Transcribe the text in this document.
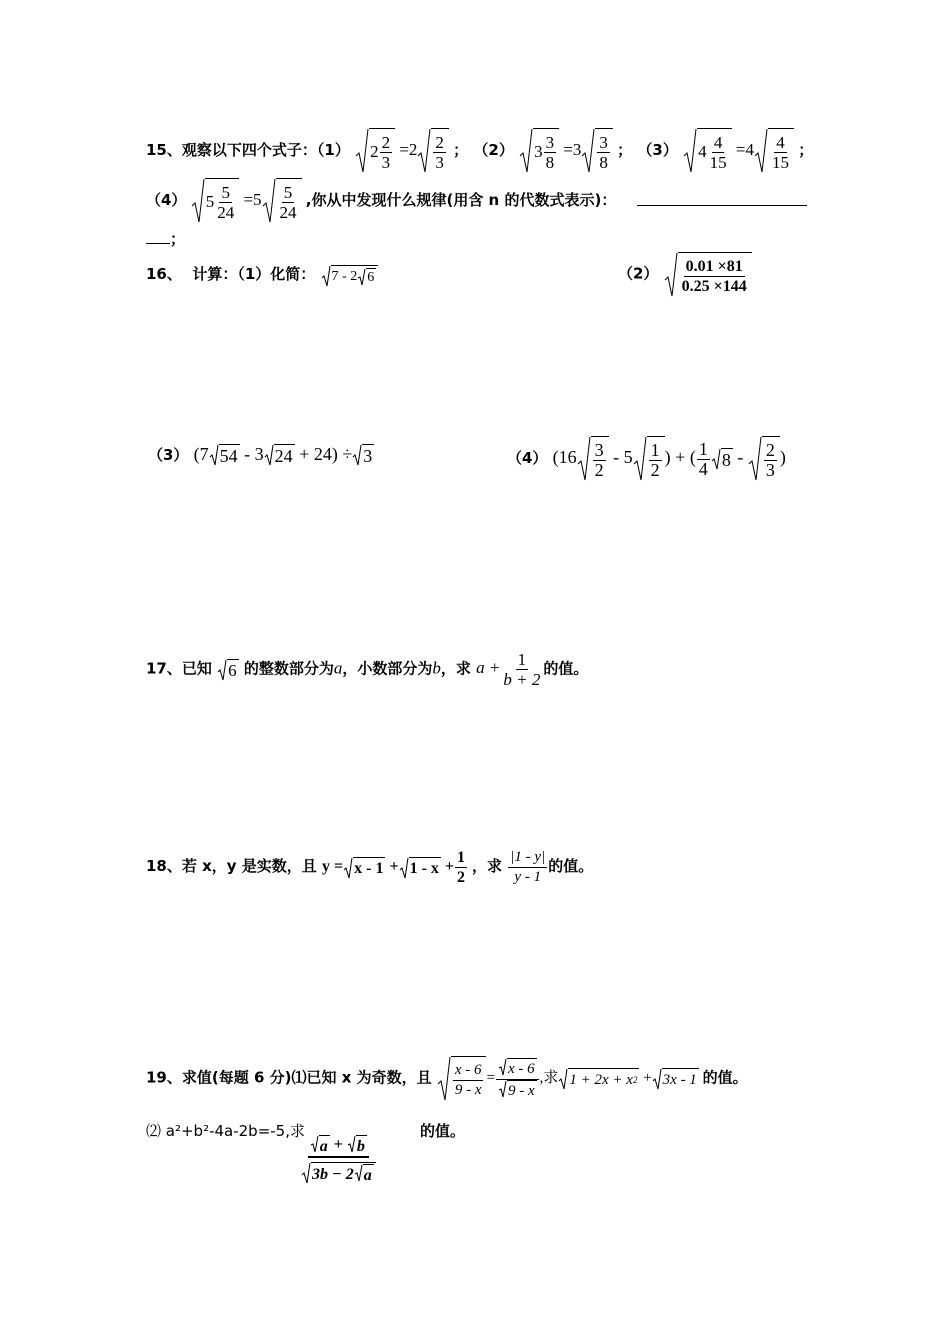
15、观察以下四个式子：（1） $2 \frac{2}{3} =2 \frac{2}{3}$ ； （2） $3 \frac{3}{8} =3 \frac{3}{8}$ ； （3） $4 \frac{4}{15} =4 \frac{4}{15}$ ；
（4） $5 \frac{5}{24} =5 \frac{5}{24}$ ,你从中发现什么规律(用含 n 的代数式表示)：
；
16、 计算：（1）化简： 7 - 2 6	$(2) \frac{0.01 \times 81}{0.25 \times 144}$
（3） (7 54 - 3 24 + 24) ÷ 3	（4） ($16 \frac{3}{2} - 5 \frac{1}{2}$ ) + ( $\frac{1}{4} 8 - \frac{2}{3}$ )
17、已知 6 的整数部分为a，小数部分为b，求 $a + \frac{1}{b + 2}$ 的值。
18、若 x，y 是实数，且 $y = x - 1 + 1 - x + \frac{1}{2}$ ，求 $\frac{|1 - y|}{y - 1}$ 的值。
19、求值(每题 6 分)⑴已知 x 为奇数，且 $\frac{x - 6}{9 - x} = \frac{x - 6}{9 - x}$ ,求 1 + 2x + x 2 + 3x - 1 的值。
⑵ a²+b²-4a-2b=-5,求	的值。
$\frac{a + b}{3b - 2 a}$
